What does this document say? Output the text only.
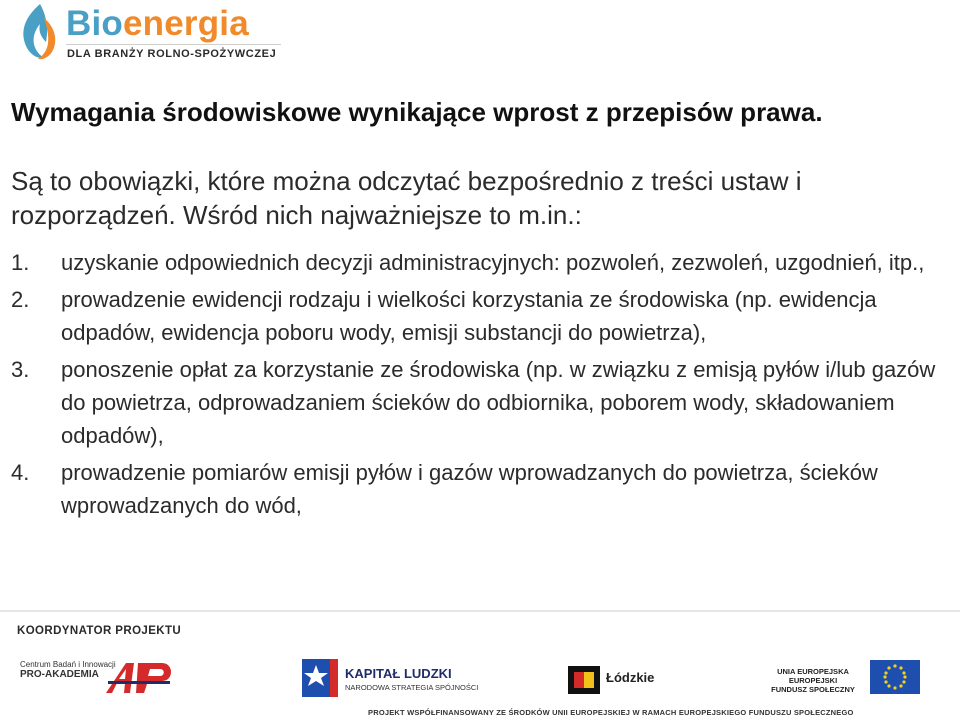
Bioenergia
DLA BRANŻY ROLNO-SPOŻYWCZEJ
Wymagania środowiskowe wynikające wprost z przepisów prawa.
Są to obowiązki, które można odczytać bezpośrednio z treści ustaw i rozporządzeń. Wśród nich najważniejsze to m.in.:
1. uzyskanie odpowiednich decyzji administracyjnych: pozwoleń, zezwoleń, uzgodnień, itp.,
2. prowadzenie ewidencji rodzaju i wielkości korzystania ze środowiska (np. ewidencja odpadów, ewidencja poboru wody, emisji substancji do powietrza),
3. ponoszenie opłat za korzystanie ze środowiska (np. w związku z emisją pyłów i/lub gazów do powietrza, odprowadzaniem ścieków do odbiornika, poborem wody, składowaniem odpadów),
4. prowadzenie pomiarów emisji pyłów i gazów wprowadzanych do powietrza, ścieków wprowadzanych do wód,
KOORDYNATOR PROJEKTU
Centrum Badań i Innowacji
PRO-AKADEMIA	KAPITAŁ LUDZKI
NARODOWA STRATEGIA SPÓJNOŚCI
Łódzkie	UNIA EUROPEJSKA
EUROPEJSKI
FUNDUSZ SPOŁECZNY
PROJEKT WSPÓŁFINANSOWANY ZE ŚRODKÓW UNII EUROPEJSKIEJ W RAMACH EUROPEJSKIEGO FUNDUSZU SPOŁECZNEGO
